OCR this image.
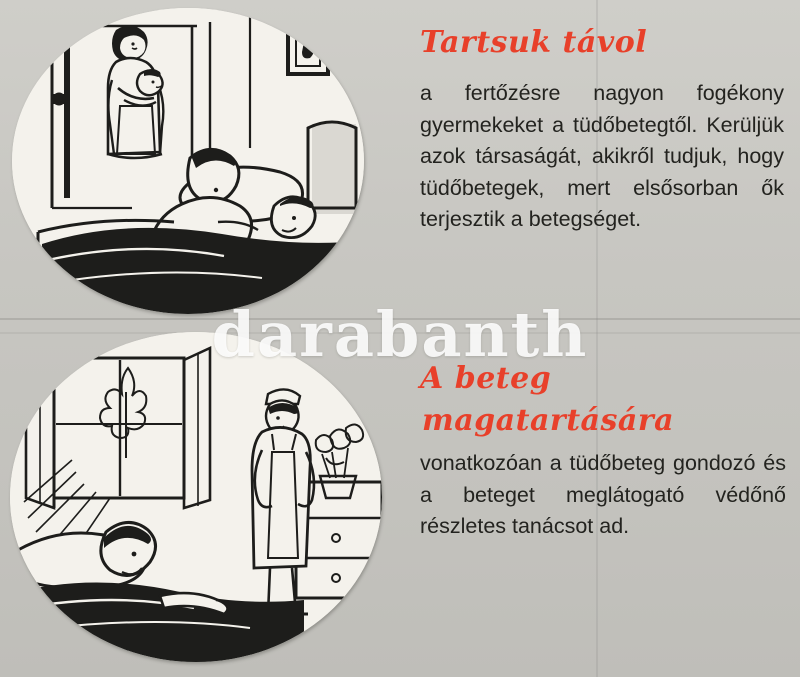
Tartsuk távol
a fertőzésre nagyon fogékony gyermekeket a tüdőbetegtől. Kerüljük azok társaságát, akikről tudjuk, hogy tüdőbetegek, mert elsősorban ők terjesztik a betegséget.
A beteg
magatartására
vonatkozóan a tüdőbeteg gondozó és a beteget meglátogató védőnő részletes tanácsot ad.
darabanth
